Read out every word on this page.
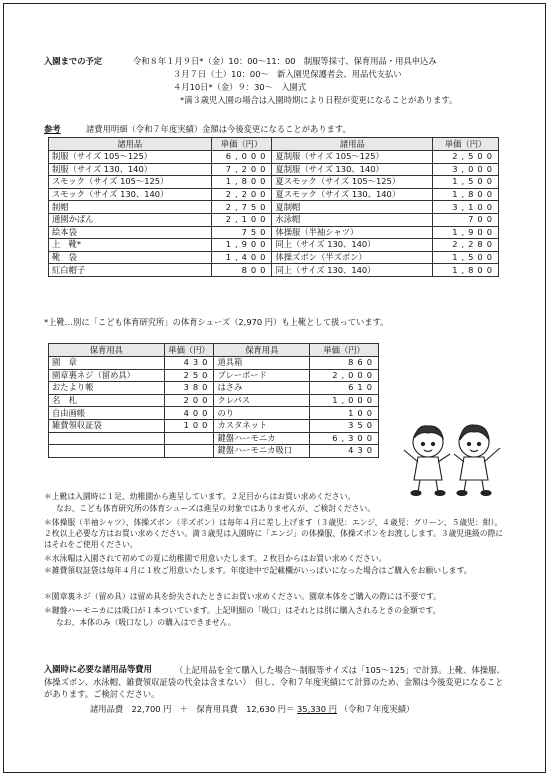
入園までの予定	令和８年１月９日*（金）10：00～11：00　制服等採寸、保育用品・用具申込み
３月７日（土）10：00～　新入園児保護者会、用品代支払い
４月10日*（金）９：30～　入園式
*満３歳児入園の場合は入園時期により日程が変更になることがあります。
参考	諸費用明細（令和７年度実績）金額は今後変更になることがあります。
諸用品	単価（円）	諸用品	単価（円）
制服（サイズ 105～125）	6,000	夏制服（サイズ 105～125）	2,500
制服（サイズ 130、140）	7,200	夏制服（サイズ 130、140）	3,000
スモック（サイズ 105～125）	1,800	夏スモック（サイズ 105～125）	1,500
スモック（サイズ 130、140）	2,200	夏スモック（サイズ 130、140）	1,800
制帽	2,750	夏制帽	3,100
通園かばん	2,100	水泳帽	700
絵本袋	750	体操服（半袖シャツ）	1,900
上　靴*	1,900	同上（サイズ 130、140）	2,280
靴　袋	1,400	体操ズボン（半ズボン）	1,500
紅白帽子	800	同上（サイズ 130、140）	1,800
*上靴…別に「こども体育研究所」の体育シューズ（2,970 円）も上靴として扱っています。
保育用具	単価（円）	保育用具	単価（円）
園　章	430	道具箱	860
園章裏ネジ（留め具）	250	ブレーボード	2,000
おたより帳	380	はさみ	610
名　札	200	クレパス	1,000
自由画帳	400	のり	100
雑費領収証袋	100	カスタネット	350
		鍵盤ハーモニカ	6,300
		鍵盤ハーモニカ吸口	430
＊上靴は入園時に１足、幼稚園から進呈しています。２足目からはお買い求めください。
なお、こども体育研究所の体育シューズは進呈の対象ではありませんが、ご検討ください。
＊体操服（半袖シャツ）、体操ズボン（半ズボン）は毎年４月に差し上げます（３歳児：エンジ、４歳児：グリーン、５歳児：紺）。２枚以上必要な方はお買い求めください。満３歳児は入園時に「エンジ」の体操服、体操ズボンをお渡しします。３歳児進級の際にはそれをご使用ください。
＊水泳帽は入園されて初めての夏に幼稚園で用意いたします。２枚目からはお買い求めください。
＊雑費領収証袋は毎年４月に１枚ご用意いたします。年度途中で記載欄がいっぱいになった場合はご購入をお願いします。
＊園章裏ネジ（留め具）は留め具を紛失されたときにお買い求めください。園章本体をご購入の際には不要です。
＊鍵盤ハーモニカには吸口が１本ついています。上記明細の「吸口」はそれとは別に購入されるときの金額です。
なお、本体のみ（吸口なし）の購入はできません。
入園時に必要な諸用品等費用	（上記用品を全て購入した場合～制服等サイズは「105～125」で計算。上靴、体操服、体操ズボン、水泳帽、雑費領収証袋の代金は含まない）　但し、令和７年度実績にて計算のため、金額は今後変更になることがあります。ご検討ください。
諸用品費　22,700 円　＋　保育用具費　12,630 円＝ 35,330 円 （令和７年度実績）
